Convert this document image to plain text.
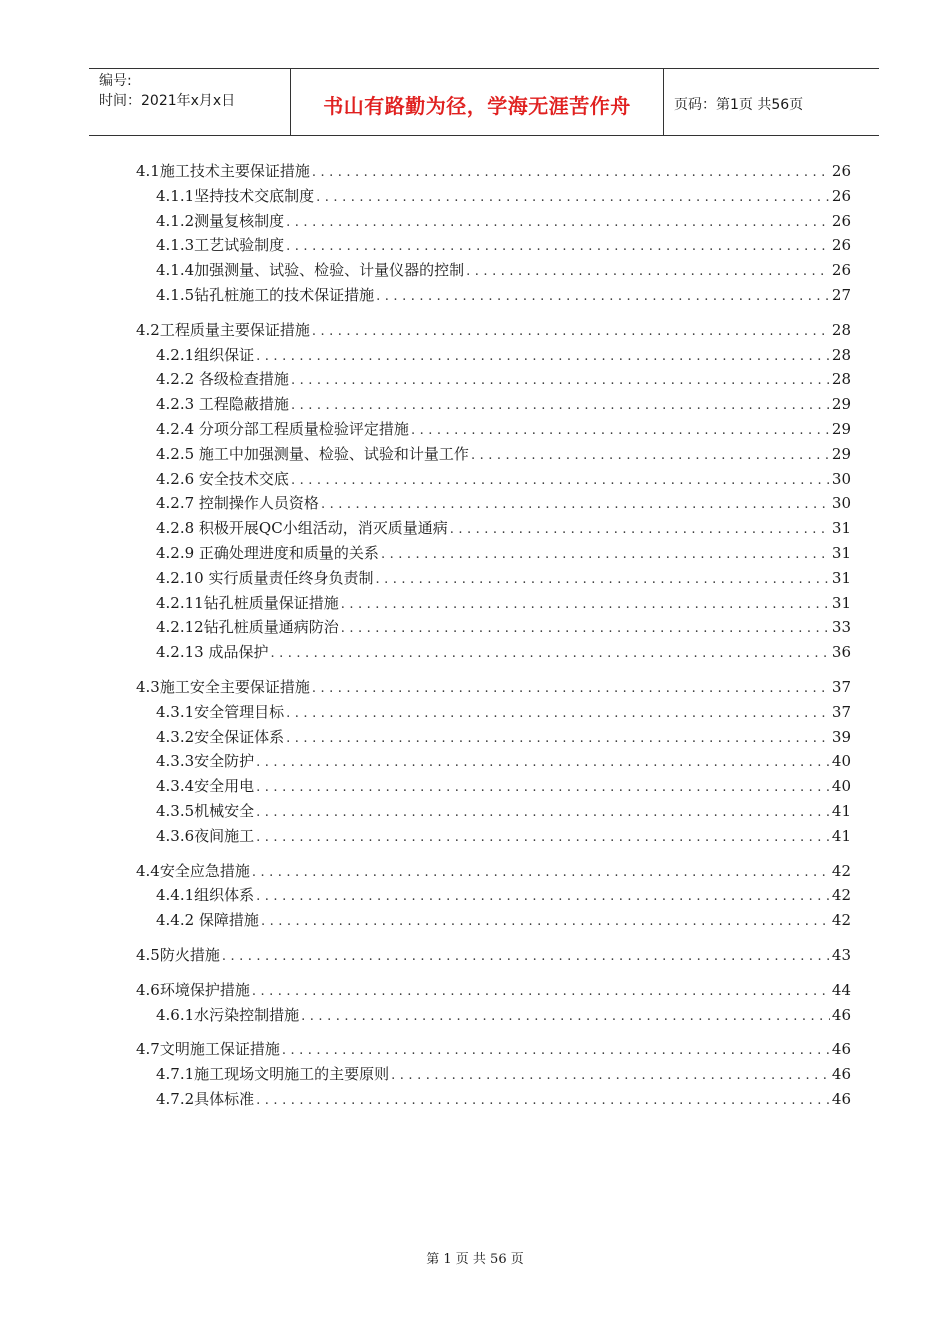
编号:
时间：2021年x月x日	书山有路勤为径，学海无涯苦作舟	页码：第1页 共56页
4.1施工技术主要保证措施 .....	26
4.1.1坚持技术交底制度 .....	26
4.1.2测量复核制度 .....	26
4.1.3工艺试验制度 .....	26
4.1.4加强测量、试验、检验、计量仪器的控制 .....	26
4.1.5钻孔桩施工的技术保证措施 .....	27
4.2工程质量主要保证措施 .....	28
4.2.1组织保证 .....	28
4.2.2 各级检查措施 .....	28
4.2.3 工程隐蔽措施 .....	29
4.2.4 分项分部工程质量检验评定措施 .....	29
4.2.5 施工中加强测量、检验、试验和计量工作 .....	29
4.2.6 安全技术交底 .....	30
4.2.7 控制操作人员资格 .....	30
4.2.8 积极开展QC小组活动，消灭质量通病 .....	31
4.2.9 正确处理进度和质量的关系 .....	31
4.2.10 实行质量责任终身负责制 .....	31
4.2.11钻孔桩质量保证措施 .....	31
4.2.12钻孔桩质量通病防治 .....	33
4.2.13 成品保护 .....	36
4.3施工安全主要保证措施 .....	37
4.3.1安全管理目标 .....	37
4.3.2安全保证体系 .....	39
4.3.3安全防护 .....	40
4.3.4安全用电 .....	40
4.3.5机械安全 .....	41
4.3.6夜间施工 .....	41
4.4安全应急措施 .....	42
4.4.1组织体系 .....	42
4.4.2 保障措施 .....	42
4.5防火措施 .....	43
4.6环境保护措施 .....	44
4.6.1水污染控制措施 .....	46
4.7文明施工保证措施 .....	46
4.7.1施工现场文明施工的主要原则 .....	46
4.7.2具体标准 .....	46
第 1 页 共 56 页
